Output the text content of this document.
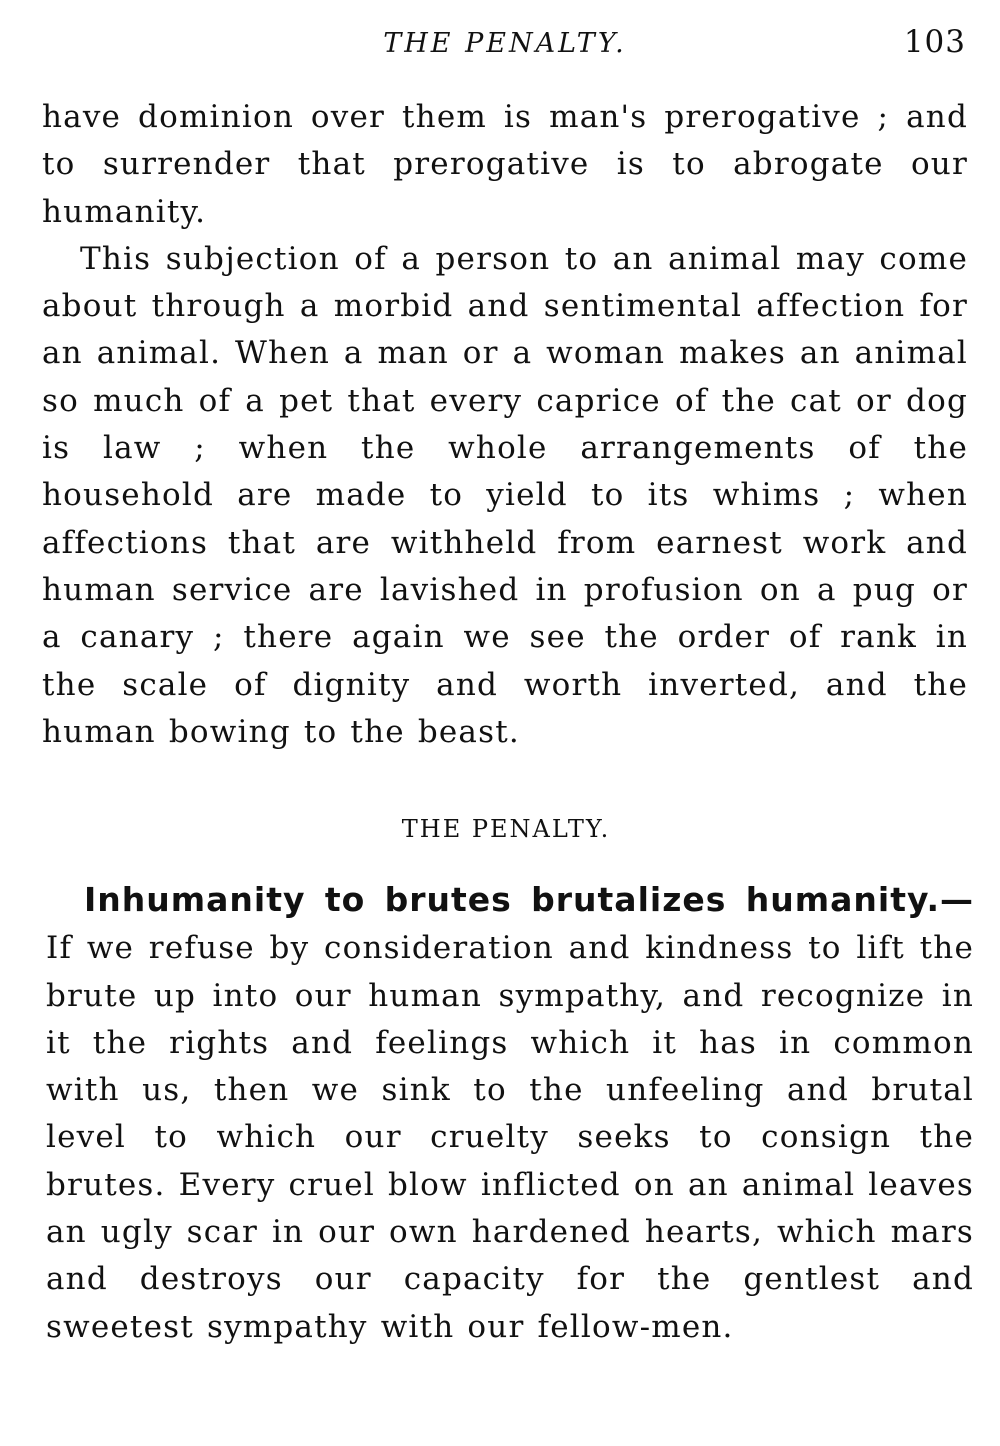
THE PENALTY.	103

have dominion over them is man's prerogative ; and to surrender that prerogative is to abrogate our humanity.

This subjection of a person to an animal may come about through a morbid and sentimental affection for an animal. When a man or a woman makes an animal so much of a pet that every caprice of the cat or dog is law ; when the whole arrangements of the household are made to yield to its whims ; when affections that are withheld from earnest work and human service are lavished in profusion on a pug or a canary ; there again we see the order of rank in the scale of dignity and worth inverted, and the human bowing to the beast.

THE PENALTY.

Inhumanity to brutes brutalizes humanity.— If we refuse by consideration and kindness to lift the brute up into our human sympathy, and recognize in it the rights and feelings which it has in common with us, then we sink to the unfeeling and brutal level to which our cruelty seeks to consign the brutes. Every cruel blow inflicted on an animal leaves an ugly scar in our own hardened hearts, which mars and destroys our capacity for the gentlest and sweetest sympathy with our fellow-men.
